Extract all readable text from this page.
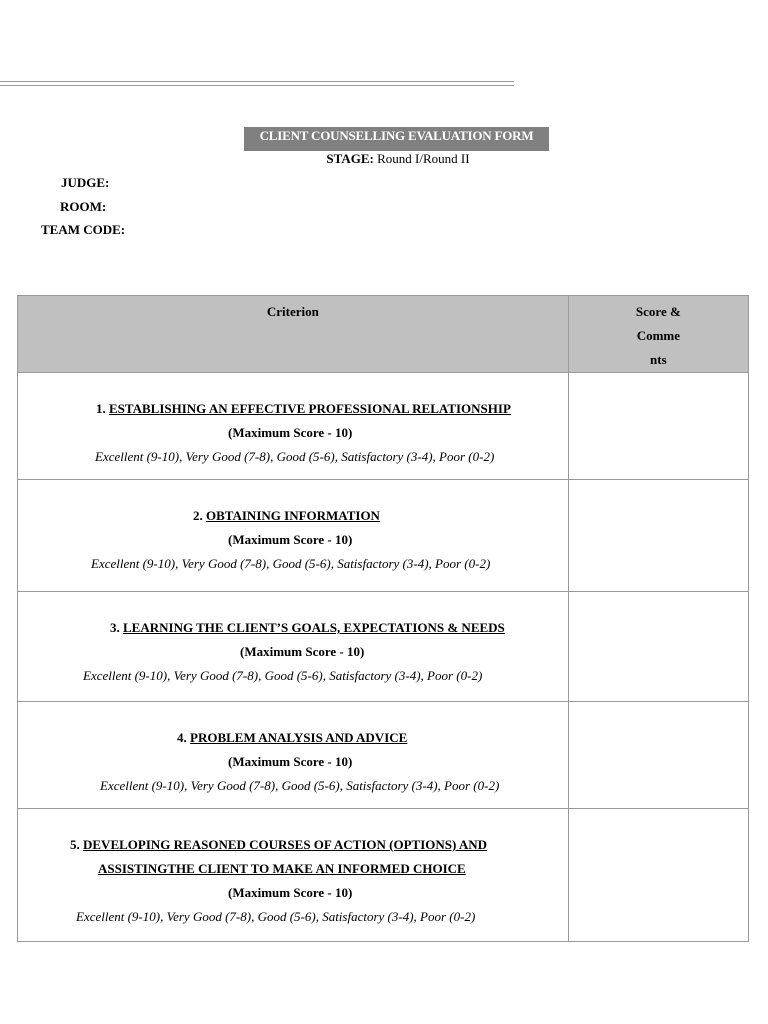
CLIENT COUNSELLING EVALUATION FORM
STAGE: Round I/Round II
JUDGE:
ROOM:
TEAM CODE:
Criterion	Score &
Comme
nts

1. ESTABLISHING AN EFFECTIVE PROFESSIONAL RELATIONSHIP
(Maximum Score - 10)
Excellent (9-10), Very Good (7-8), Good (5-6), Satisfactory (3-4), Poor (0-2)	

2. OBTAINING INFORMATION
(Maximum Score - 10)
Excellent (9-10), Very Good (7-8), Good (5-6), Satisfactory (3-4), Poor (0-2)	

3. LEARNING THE CLIENT’S GOALS, EXPECTATIONS & NEEDS
(Maximum Score - 10)
Excellent (9-10), Very Good (7-8), Good (5-6), Satisfactory (3-4), Poor (0-2)	

4. PROBLEM ANALYSIS AND ADVICE
(Maximum Score - 10)
Excellent (9-10), Very Good (7-8), Good (5-6), Satisfactory (3-4), Poor (0-2)	

5. DEVELOPING REASONED COURSES OF ACTION (OPTIONS) AND
ASSISTINGTHE CLIENT TO MAKE AN INFORMED CHOICE
(Maximum Score - 10)
Excellent (9-10), Very Good (7-8), Good (5-6), Satisfactory (3-4), Poor (0-2)	
